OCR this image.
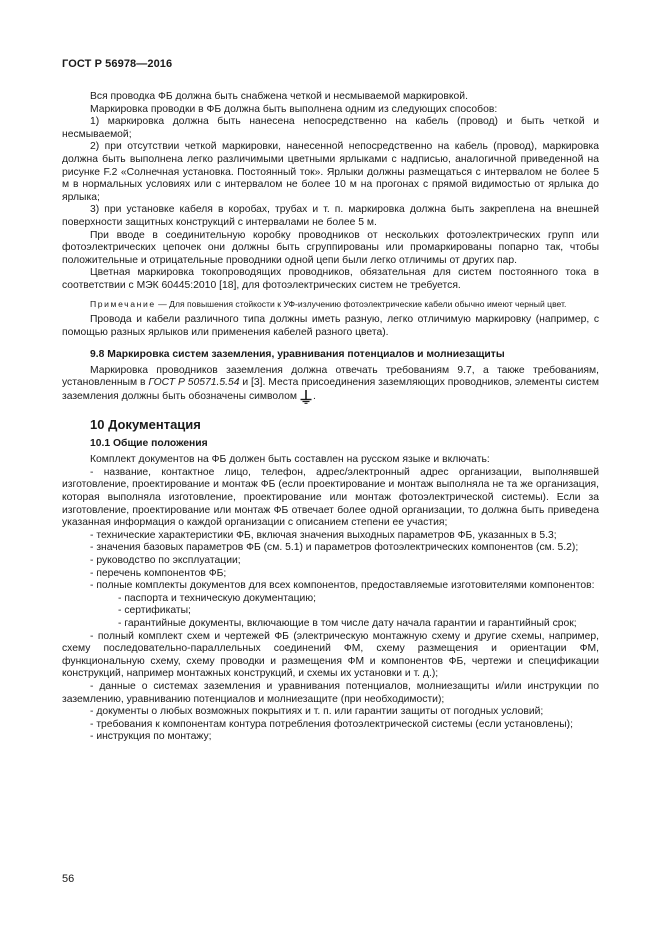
ГОСТ Р 56978—2016

Вся проводка ФБ должна быть снабжена четкой и несмываемой маркировкой.

Маркировка проводки в ФБ должна быть выполнена одним из следующих способов:

1) маркировка должна быть нанесена непосредственно на кабель (провод) и быть четкой и несмываемой;

2) при отсутствии четкой маркировки, нанесенной непосредственно на кабель (провод), маркировка должна быть выполнена легко различимыми цветными ярлыками с надписью, аналогичной приведенной на рисунке F.2 «Солнечная установка. Постоянный ток». Ярлыки должны размещаться с интервалом не более 5 м в нормальных условиях или с интервалом не более 10 м на прогонах с прямой видимостью от ярлыка до ярлыка;

3) при установке кабеля в коробах, трубах и т. п. маркировка должна быть закреплена на внешней поверхности защитных конструкций с интервалами не более 5 м.

При вводе в соединительную коробку проводников от нескольких фотоэлектрических групп или фотоэлектрических цепочек они должны быть сгруппированы или промаркированы попарно так, чтобы положительные и отрицательные проводники одной цепи были легко отличимы от других пар.

Цветная маркировка токопроводящих проводников, обязательная для систем постоянного тока в соответствии с МЭК 60445:2010 [18], для фотоэлектрических систем не требуется.

Примечание — Для повышения стойкости к УФ-излучению фотоэлектрические кабели обычно имеют черный цвет.

Провода и кабели различного типа должны иметь разную, легко отличимую маркировку (например, с помощью разных ярлыков или применения кабелей разного цвета).

9.8 Маркировка систем заземления, уравнивания потенциалов и молниезащиты

Маркировка проводников заземления должна отвечать требованиям 9.7, а также требованиям, установленным в ГОСТ Р 50571.5.54 и [3]. Места присоединения заземляющих проводников, элементы систем заземления должны быть обозначены символом .

10 Документация
10.1 Общие положения

Комплект документов на ФБ должен быть составлен на русском языке и включать:

- название, контактное лицо, телефон, адрес/электронный адрес организации, выполнявшей изготовление, проектирование и монтаж ФБ (если проектирование и монтаж выполняла не та же организация, которая выполняла изготовление, проектирование или монтаж фотоэлектрической системы). Если за изготовление, проектирование или монтаж ФБ отвечает более одной организации, то должна быть приведена указанная информация о каждой организации с описанием степени ее участия;

- технические характеристики ФБ, включая значения выходных параметров ФБ, указанных в 5.3;

- значения базовых параметров ФБ (см. 5.1) и параметров фотоэлектрических компонентов (см. 5.2);

- руководство по эксплуатации;

- перечень компонентов ФБ;

- полные комплекты документов для всех компонентов, предоставляемые изготовителями компонентов:

- паспорта и техническую документацию;

- сертификаты;

- гарантийные документы, включающие в том числе дату начала гарантии и гарантийный срок;

- полный комплект схем и чертежей ФБ (электрическую монтажную схему и другие схемы, например, схему последовательно-параллельных соединений ФМ, схему размещения и ориентации ФМ, функциональную схему, схему проводки и размещения ФМ и компонентов ФБ, чертежи и спецификации конструкций, например монтажных конструкций, и схемы их установки и т. д.);

- данные о системах заземления и уравнивания потенциалов, молниезащиты и/или инструкции по заземлению, уравниванию потенциалов и молниезащите (при необходимости);

- документы о любых возможных покрытиях и т. п. или гарантии защиты от погодных условий;

- требования к компонентам контура потребления фотоэлектрической системы (если установлены);

- инструкция по монтажу;

56
